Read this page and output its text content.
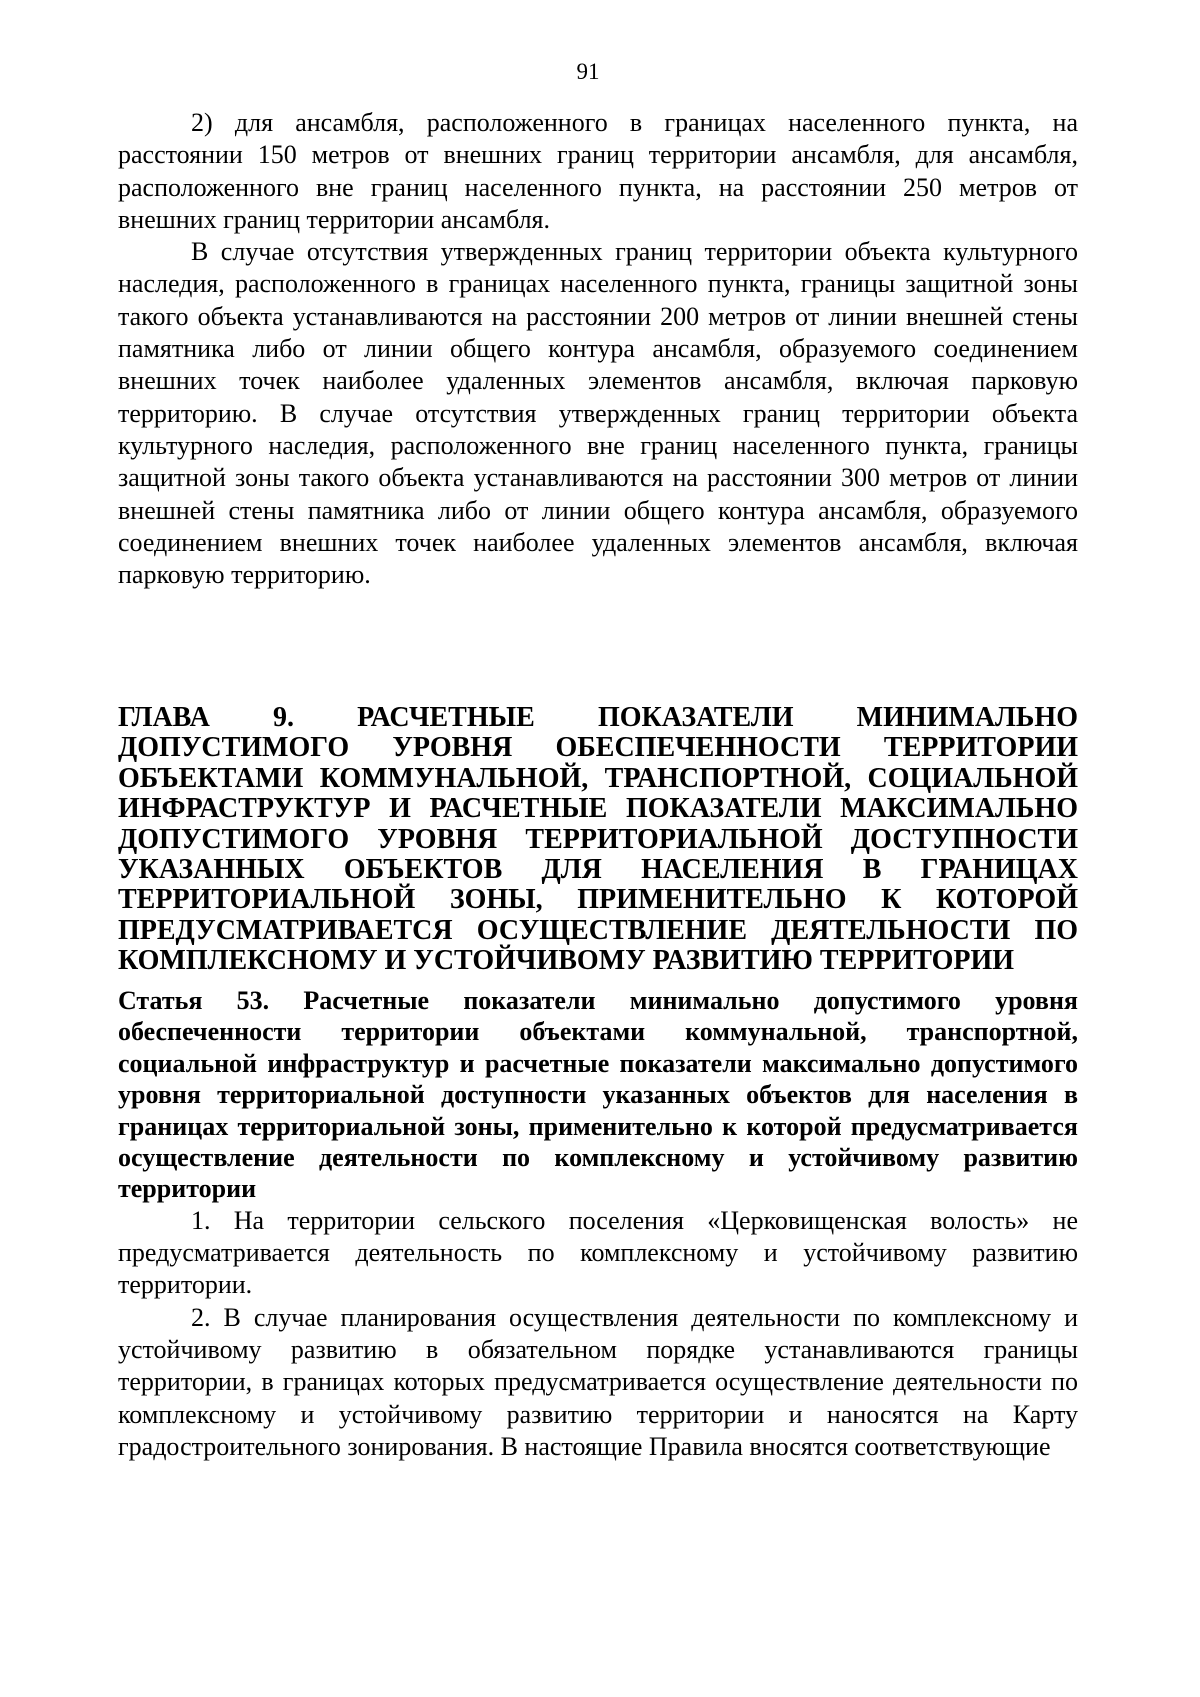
91

2) для ансамбля, расположенного в границах населенного пункта, на расстоянии 150 метров от внешних границ территории ансамбля, для ансамбля, расположенного вне границ населенного пункта, на расстоянии 250 метров от внешних границ территории ансамбля.

В случае отсутствия утвержденных границ территории объекта культурного наследия, расположенного в границах населенного пункта, границы защитной зоны такого объекта устанавливаются на расстоянии 200 метров от линии внешней стены памятника либо от линии общего контура ансамбля, образуемого соединением внешних точек наиболее удаленных элементов ансамбля, включая парковую территорию. В случае отсутствия утвержденных границ территории объекта культурного наследия, расположенного вне границ населенного пункта, границы защитной зоны такого объекта устанавливаются на расстоянии 300 метров от линии внешней стены памятника либо от линии общего контура ансамбля, образуемого соединением внешних точек наиболее удаленных элементов ансамбля, включая парковую территорию.

ГЛАВА 9. РАСЧЕТНЫЕ ПОКАЗАТЕЛИ МИНИМАЛЬНО ДОПУСТИМОГО УРОВНЯ ОБЕСПЕЧЕННОСТИ ТЕРРИТОРИИ ОБЪЕКТАМИ КОММУНАЛЬНОЙ, ТРАНСПОРТНОЙ, СОЦИАЛЬНОЙ ИНФРАСТРУКТУР И РАСЧЕТНЫЕ ПОКАЗАТЕЛИ МАКСИМАЛЬНО ДОПУСТИМОГО УРОВНЯ ТЕРРИТОРИАЛЬНОЙ ДОСТУПНОСТИ УКАЗАННЫХ ОБЪЕКТОВ ДЛЯ НАСЕЛЕНИЯ В ГРАНИЦАХ ТЕРРИТОРИАЛЬНОЙ ЗОНЫ, ПРИМЕНИТЕЛЬНО К КОТОРОЙ ПРЕДУСМАТРИВАЕТСЯ ОСУЩЕСТВЛЕНИЕ ДЕЯТЕЛЬНОСТИ ПО КОМПЛЕКСНОМУ И УСТОЙЧИВОМУ РАЗВИТИЮ ТЕРРИТОРИИ
Статья 53. Расчетные показатели минимально допустимого уровня обеспеченности территории объектами коммунальной, транспортной, социальной инфраструктур и расчетные показатели максимально допустимого уровня территориальной доступности указанных объектов для населения в границах территориальной зоны, применительно к которой предусматривается осуществление деятельности по комплексному и устойчивому развитию территории

1. На территории сельского поселения «Церковищенская волость» не предусматривается деятельность по комплексному и устойчивому развитию территории.

2. В случае планирования осуществления деятельности по комплексному и устойчивому развитию в обязательном порядке устанавливаются границы территории, в границах которых предусматривается осуществление деятельности по комплексному и устойчивому развитию территории и наносятся на Карту градостроительного зонирования. В настоящие Правила вносятся соответствующие
